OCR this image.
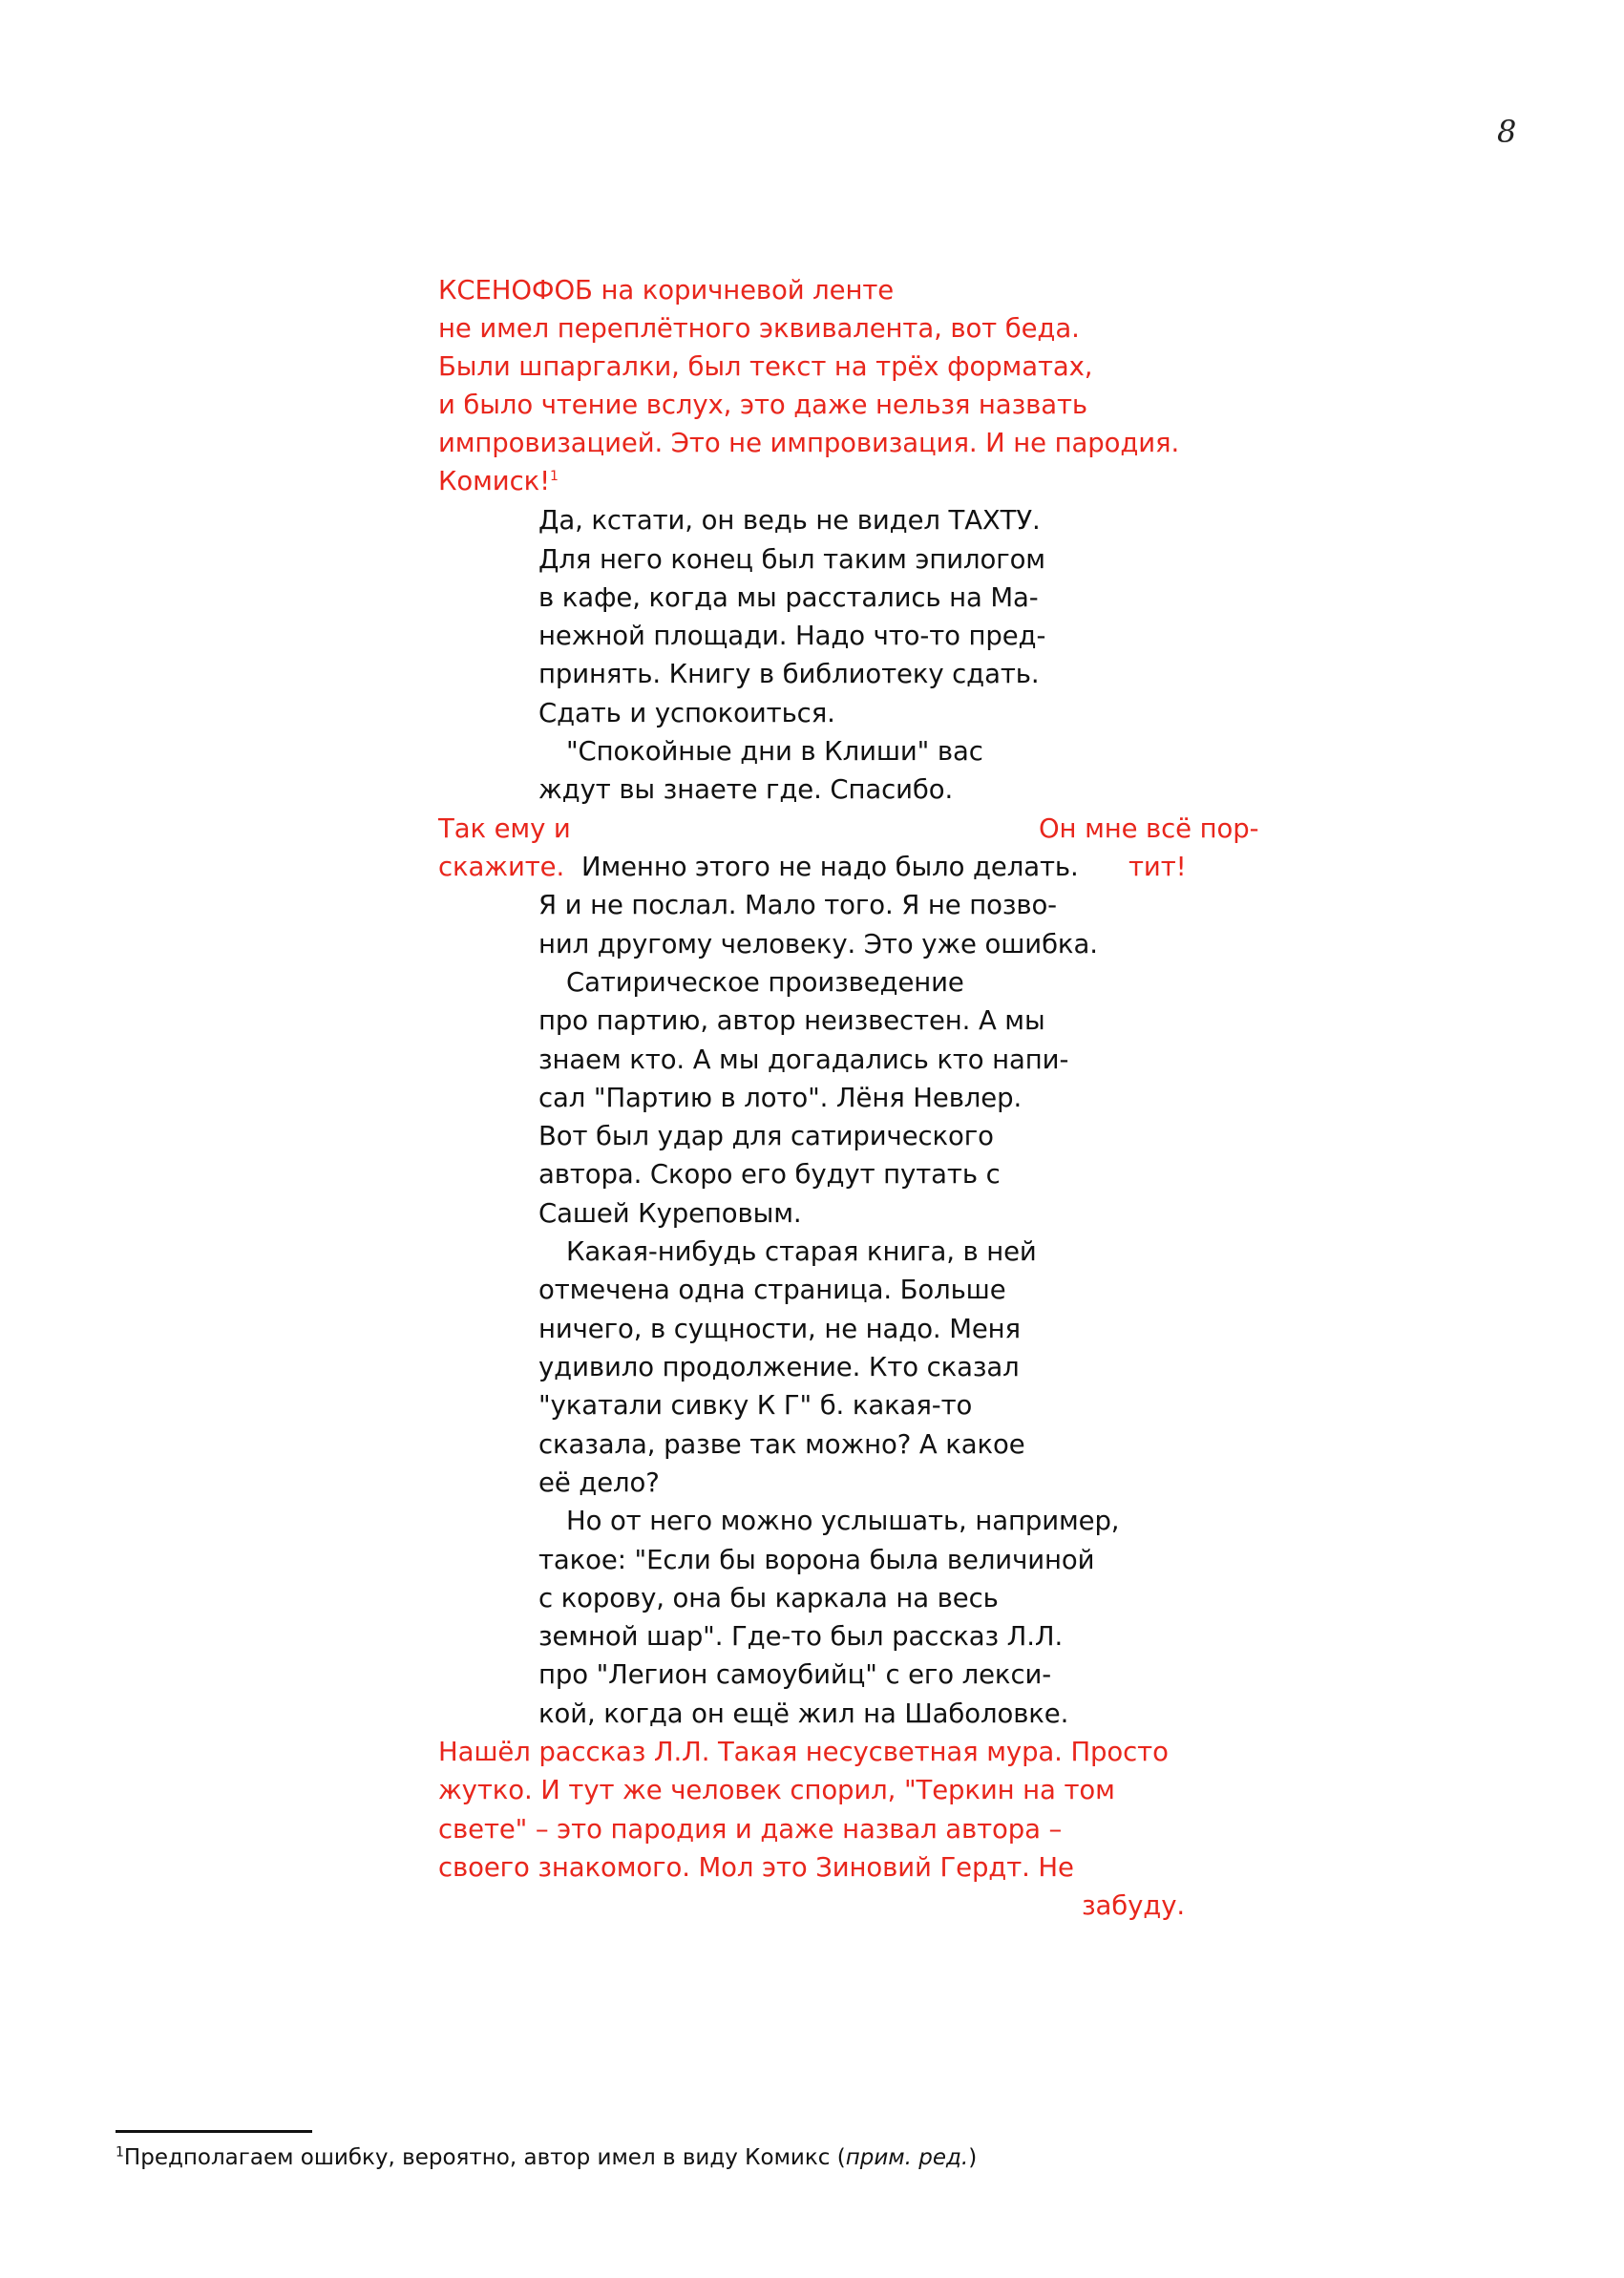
8
КСЕНОФОБ на коричневой ленте
не имел переплётного эквивалента, вот беда.
Были шпаргалки, был текст на трёх форматах,
и было чтение вслух, это даже нельзя назвать
импровизацией. Это не импровизация. И не пародия.
Комиск!$^1$
Да, кстати, он ведь не видел ТАХТУ.
Для него конец был таким эпилогом
в кафе, когда мы расстались на Ма-
нежной площади. Надо что-то пред-
принять. Книгу в библиотеку сдать.
Сдать и успокоиться.
"Спокойные дни в Клиши" вас
ждут вы знаете где. Спасибо.
Так ему и
скажите.
Он мне всё пор-
тит!
Именно этого не надо было делать.
Я и не послал. Мало того. Я не позво-
нил другому человеку. Это уже ошибка.
Сатирическое произведение
про партию, автор неизвестен. А мы
знаем кто. А мы догадались кто напи-
сал "Партию в лото". Лёня Невлер.
Вот был удар для сатирического
автора. Скоро его будут путать с
Сашей Куреповым.
Какая-нибудь старая книга, в ней
отмечена одна страница. Больше
ничего, в сущности, не надо. Меня
удивило продолжение. Кто сказал
"укатали сивку К Г" б. какая-то
сказала, разве так можно? А какое
её дело?
Но от него можно услышать, например,
такое: "Если бы ворона была величиной
с корову, она бы каркала на весь
земной шар". Где-то был рассказ Л.Л.
про "Легион самоубийц" с его лекси-
кой, когда он ещё жил на Шаболовке.
Нашёл рассказ Л.Л. Такая несусветная мура. Просто
жутко. И тут же человек спорил, "Теркин на том
свете" – это пародия и даже назвал автора –
своего знакомого. Мол это Зиновий Гердт. Не
забуду.
$^1$Предполагаем ошибку, вероятно, автор имел в виду Комикс (прим. ред.)
